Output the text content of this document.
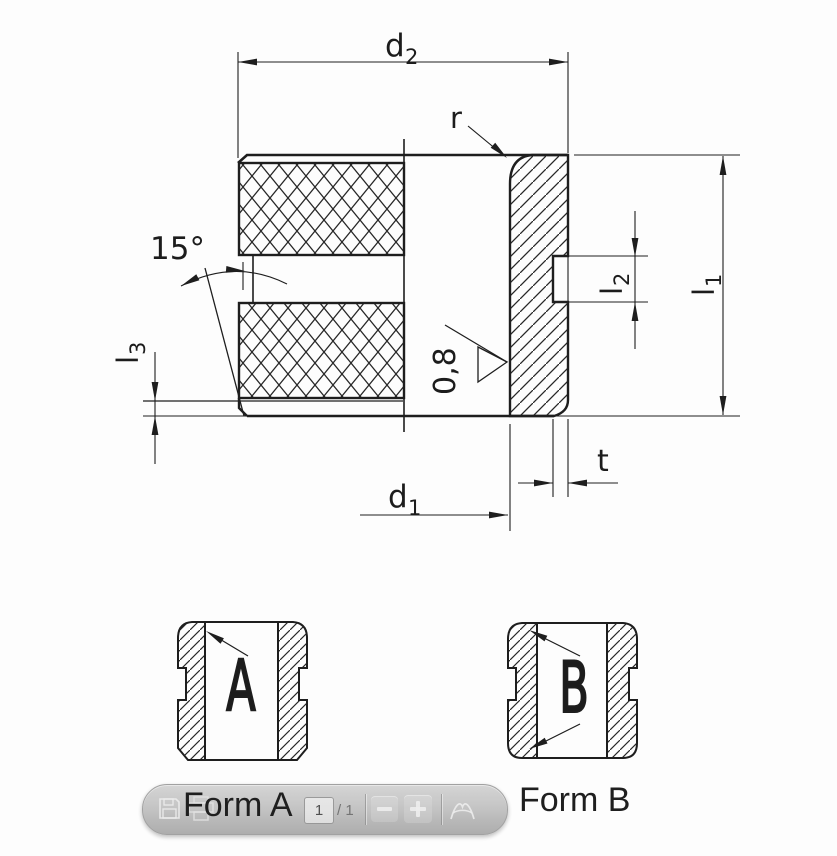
d 2
r
15°
l
3
l
2
l
1
0,8
d 1
t
A	B
1 / 1
Form A	Form B
